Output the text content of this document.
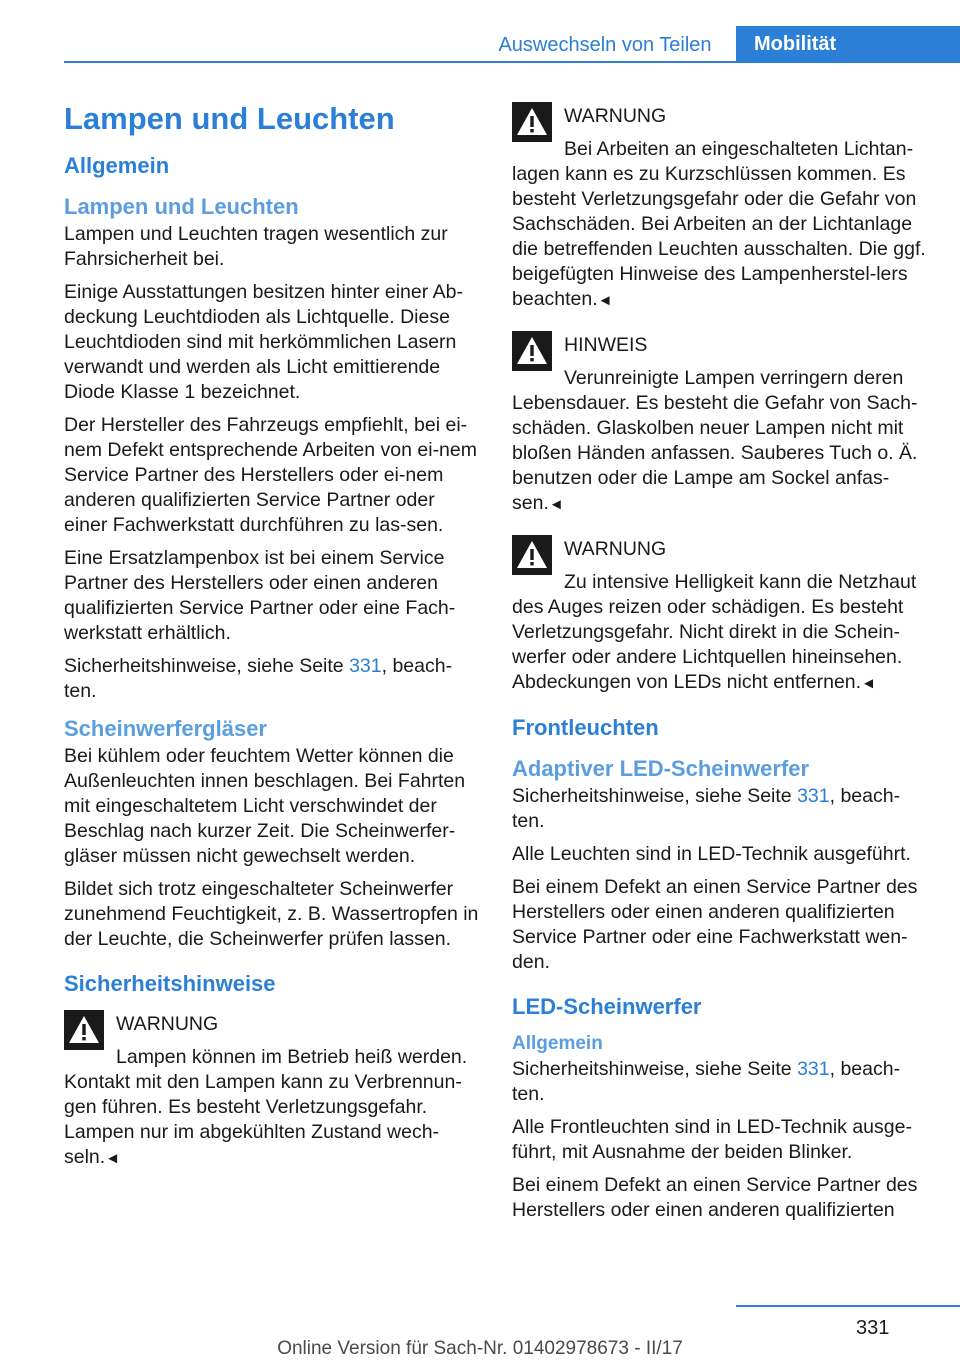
Auswechseln von Teilen	Mobilität
Lampen und Leuchten
Allgemein
Lampen und Leuchten

Lampen und Leuchten tragen wesentlich zur Fahrsicherheit bei.

Einige Ausstattungen besitzen hinter einer Ab-deckung Leuchtdioden als Lichtquelle. Diese Leuchtdioden sind mit herkömmlichen Lasern verwandt und werden als Licht emittierende Diode Klasse 1 bezeichnet.

Der Hersteller des Fahrzeugs empfiehlt, bei ei-nem Defekt entsprechende Arbeiten von ei-nem Service Partner des Herstellers oder ei-nem anderen qualifizierten Service Partner oder einer Fachwerkstatt durchführen zu las-sen.

Eine Ersatzlampenbox ist bei einem Service Partner des Herstellers oder einen anderen qualifizierten Service Partner oder eine Fach-werkstatt erhältlich.

Sicherheitshinweise, siehe Seite 331, beach-ten.

Scheinwerfergläser

Bei kühlem oder feuchtem Wetter können die Außenleuchten innen beschlagen. Bei Fahrten mit eingeschaltetem Licht verschwindet der Beschlag nach kurzer Zeit. Die Scheinwerfer-gläser müssen nicht gewechselt werden.

Bildet sich trotz eingeschalteter Scheinwerfer zunehmend Feuchtigkeit, z. B. Wassertropfen in der Leuchte, die Scheinwerfer prüfen lassen.

Sicherheitshinweise
WARNUNG
Lampen können im Betrieb heiß werden. Kontakt mit den Lampen kann zu Verbrennun-gen führen. Es besteht Verletzungsgefahr. Lampen nur im abgekühlten Zustand wech-seln.◄
WARNUNG
Bei Arbeiten an eingeschalteten Lichtan-lagen kann es zu Kurzschlüssen kommen. Es besteht Verletzungsgefahr oder die Gefahr von Sachschäden. Bei Arbeiten an der Lichtanlage die betreffenden Leuchten ausschalten. Die ggf. beigefügten Hinweise des Lampenherstel-lers beachten.◄
HINWEIS
Verunreinigte Lampen verringern deren Lebensdauer. Es besteht die Gefahr von Sach-schäden. Glaskolben neuer Lampen nicht mit bloßen Händen anfassen. Sauberes Tuch o. Ä. benutzen oder die Lampe am Sockel anfas-sen.◄
WARNUNG
Zu intensive Helligkeit kann die Netzhaut des Auges reizen oder schädigen. Es besteht Verletzungsgefahr. Nicht direkt in die Schein-werfer oder andere Lichtquellen hineinsehen. Abdeckungen von LEDs nicht entfernen.◄
Frontleuchten
Adaptiver LED-Scheinwerfer

Sicherheitshinweise, siehe Seite 331, beach-ten.

Alle Leuchten sind in LED-Technik ausgeführt.

Bei einem Defekt an einen Service Partner des Herstellers oder einen anderen qualifizierten Service Partner oder eine Fachwerkstatt wen-den.

LED-Scheinwerfer
Allgemein

Sicherheitshinweise, siehe Seite 331, beach-ten.

Alle Frontleuchten sind in LED-Technik ausge-führt, mit Ausnahme der beiden Blinker.

Bei einem Defekt an einen Service Partner des Herstellers oder einen anderen qualifizierten

331
Online Version für Sach-Nr. 01402978673 - II/17
